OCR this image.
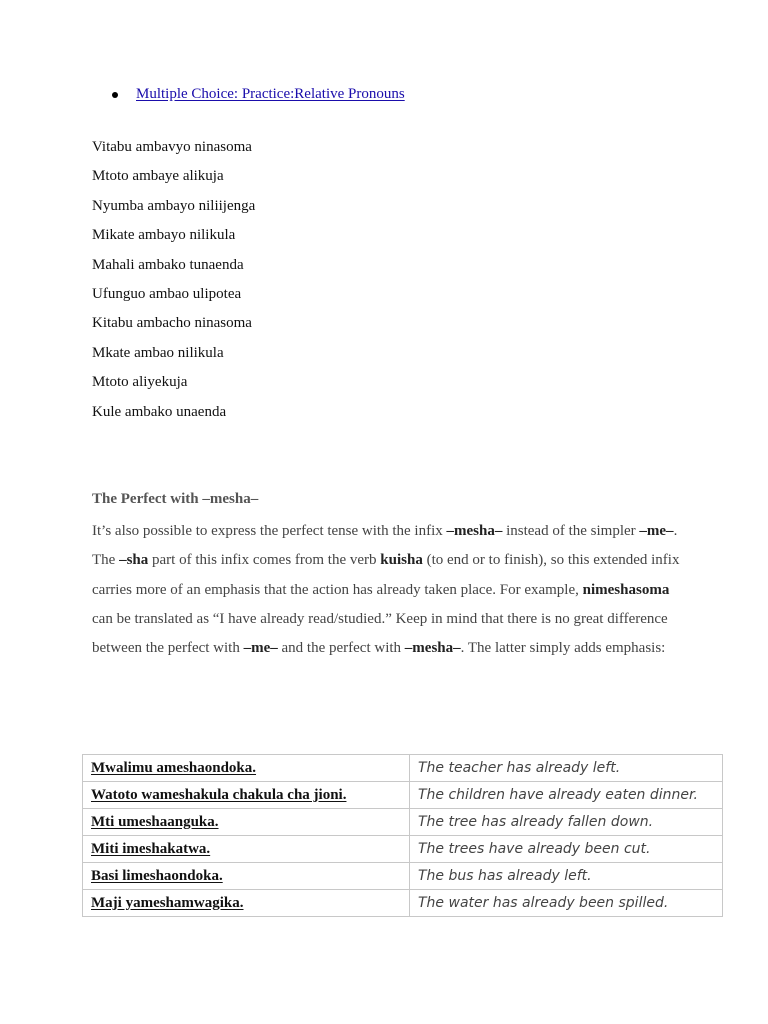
Multiple Choice: Practice:Relative Pronouns
Vitabu ambavyo ninasoma
Mtoto ambaye alikuja
Nyumba ambayo niliijenga
Mikate ambayo nilikula
Mahali ambako tunaenda
Ufunguo ambao ulipotea
Kitabu ambacho ninasoma
Mkate ambao nilikula
Mtoto aliyekuja
Kule ambako unaenda
The Perfect with –mesha–

It’s also possible to express the perfect tense with the infix –mesha– instead of the simpler –me–. The –sha part of this infix comes from the verb kuisha (to end or to finish), so this extended infix carries more of an emphasis that the action has already taken place. For example, nimeshasoma can be translated as “I have already read/studied.” Keep in mind that there is no great difference between the perfect with –me– and the perfect with –mesha–. The latter simply adds emphasis:

Mwalimu ameshaondoka.	The teacher has already left.
Watoto wameshakula chakula cha jioni.	The children have already eaten dinner.
Mti umeshaanguka.	The tree has already fallen down.
Miti imeshakatwa.	The trees have already been cut.
Basi limeshaondoka.	The bus has already left.
Maji yameshamwagika.	The water has already been spilled.
